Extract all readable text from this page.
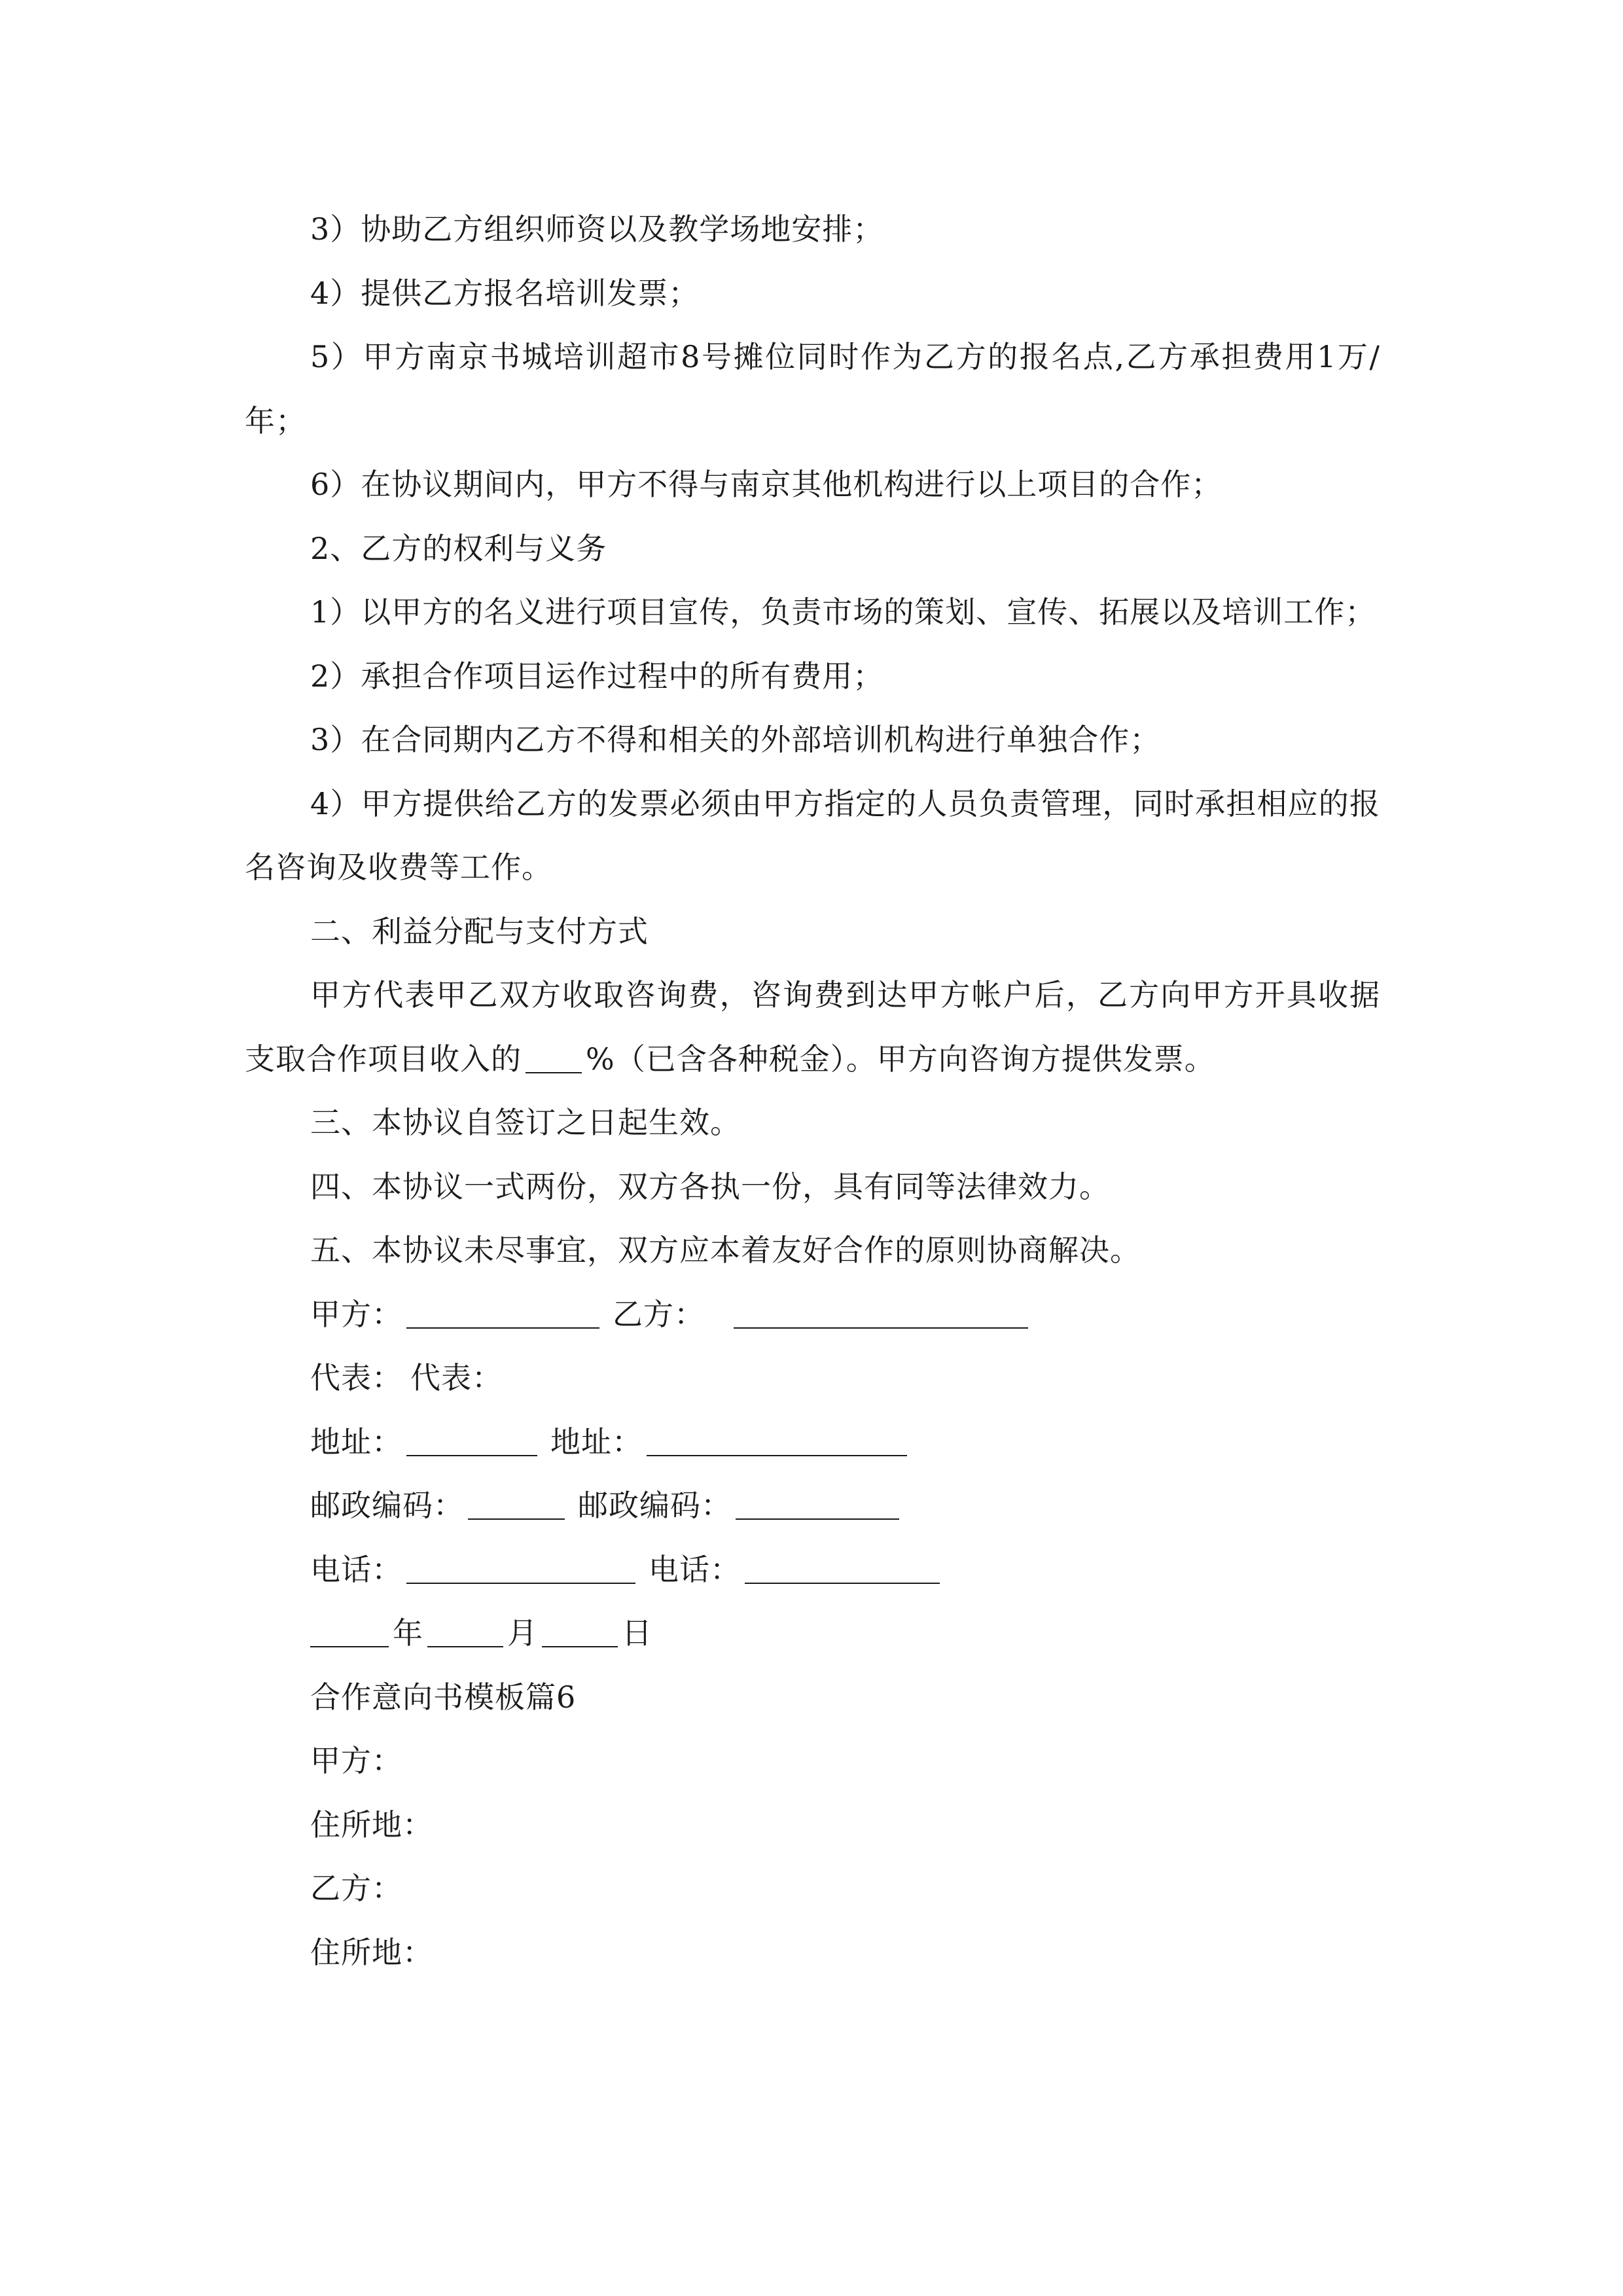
3）协助乙方组织师资以及教学场地安排；
4）提供乙方报名培训发票；
5）甲方南京书城培训超市8号摊位同时作为乙方的报名点,乙方承担费用1万/年；
6）在协议期间内，甲方不得与南京其他机构进行以上项目的合作；
2、乙方的权利与义务
1）以甲方的名义进行项目宣传，负责市场的策划、宣传、拓展以及培训工作；
2）承担合作项目运作过程中的所有费用；
3）在合同期内乙方不得和相关的外部培训机构进行单独合作；
4）甲方提供给乙方的发票必须由甲方指定的人员负责管理，同时承担相应的报名咨询及收费等工作。
二、利益分配与支付方式
甲方代表甲乙双方收取咨询费，咨询费到达甲方帐户后，乙方向甲方开具收据支取合作项目收入的 %（已含各种税金）。甲方向咨询方提供发票。
三、本协议自签订之日起生效。
四、本协议一式两份，双方各执一份，具有同等法律效力。
五、本协议未尽事宜，双方应本着友好合作的原则协商解决。
甲方：	乙方：
代表： 代表：
地址：	地址：
邮政编码：	邮政编码：
电话：	电话：
年	月	日
合作意向书模板篇6
甲方：
住所地：
乙方：
住所地：
